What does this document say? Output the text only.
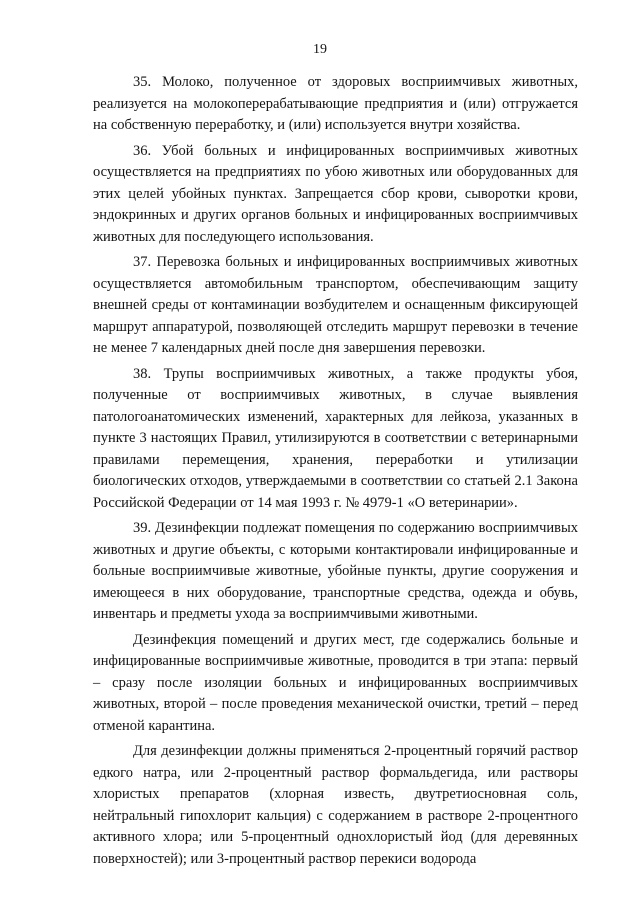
19

35. Молоко, полученное от здоровых восприимчивых животных, реализуется на молокоперерабатывающие предприятия и (или) отгружается на собственную переработку, и (или) используется внутри хозяйства.

36. Убой больных и инфицированных восприимчивых животных осуществляется на предприятиях по убою животных или оборудованных для этих целей убойных пунктах. Запрещается сбор крови, сыворотки крови, эндокринных и других органов больных и инфицированных восприимчивых животных для последующего использования.

37. Перевозка больных и инфицированных восприимчивых животных осуществляется автомобильным транспортом, обеспечивающим защиту внешней среды от контаминации возбудителем и оснащенным фиксирующей маршрут аппаратурой, позволяющей отследить маршрут перевозки в течение не менее 7 календарных дней после дня завершения перевозки.

38. Трупы восприимчивых животных, а также продукты убоя, полученные от восприимчивых животных, в случае выявления патологоанатомических изменений, характерных для лейкоза, указанных в пункте 3 настоящих Правил, утилизируются в соответствии с ветеринарными правилами перемещения, хранения, переработки и утилизации биологических отходов, утверждаемыми в соответствии со статьей 2.1 Закона Российской Федерации от 14 мая 1993 г. № 4979-1 «О ветеринарии».

39. Дезинфекции подлежат помещения по содержанию восприимчивых животных и другие объекты, с которыми контактировали инфицированные и больные восприимчивые животные, убойные пункты, другие сооружения и имеющееся в них оборудование, транспортные средства, одежда и обувь, инвентарь и предметы ухода за восприимчивыми животными.

Дезинфекция помещений и других мест, где содержались больные и инфицированные восприимчивые животные, проводится в три этапа: первый – сразу после изоляции больных и инфицированных восприимчивых животных, второй – после проведения механической очистки, третий – перед отменой карантина.

Для дезинфекции должны применяться 2-процентный горячий раствор едкого натра, или 2-процентный раствор формальдегида, или растворы хлористых препаратов (хлорная известь, двутретиосновная соль, нейтральный гипохлорит кальция) с содержанием в растворе 2-процентного активного хлора; или 5-процентный однохлористый йод (для деревянных поверхностей); или 3-процентный раствор перекиси водорода
